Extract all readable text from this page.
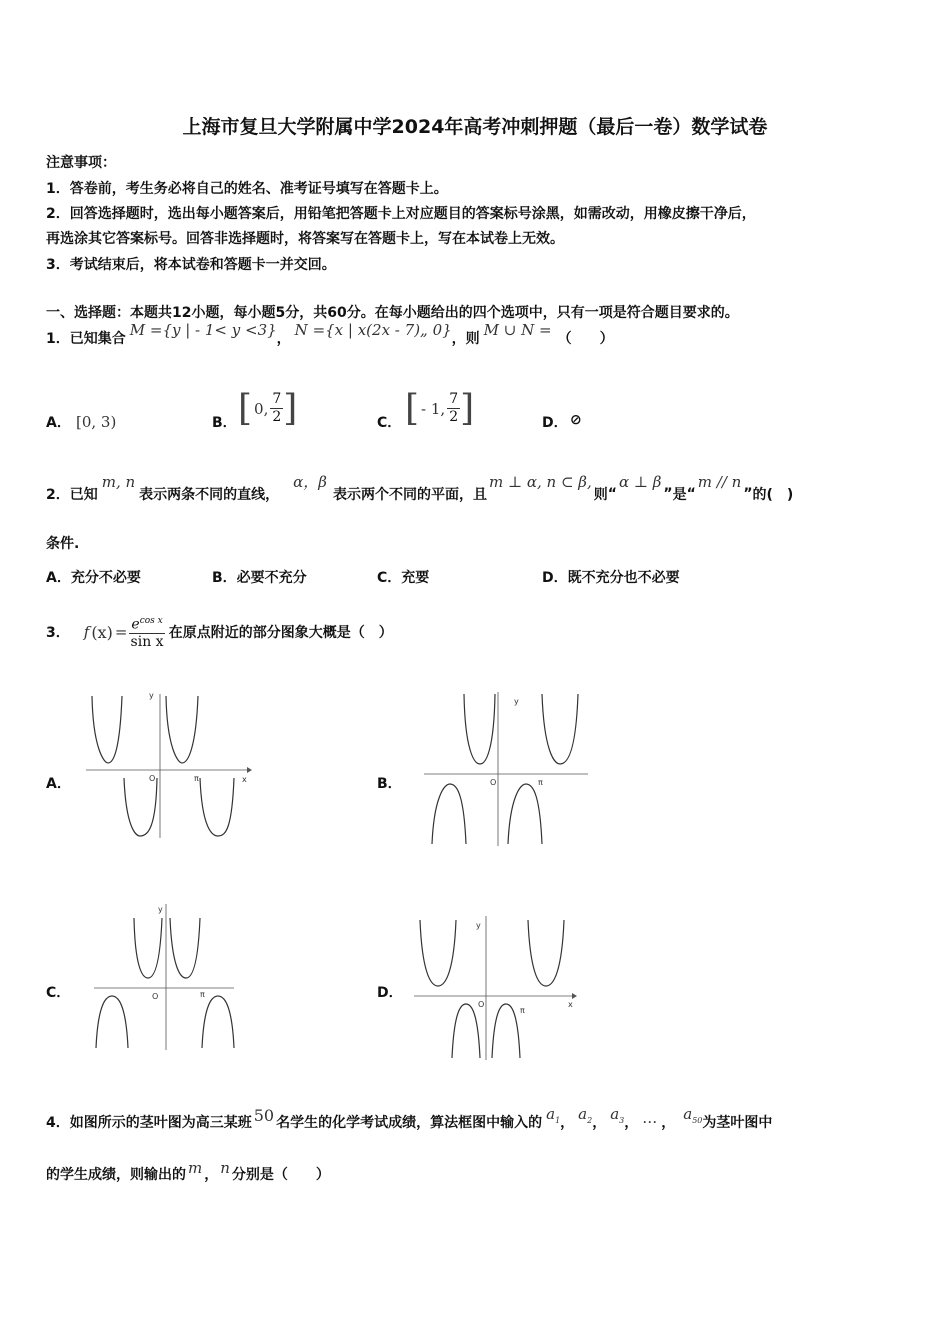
上海市复旦大学附属中学2024年高考冲刺押题（最后一卷）数学试卷
注意事项：
1．答卷前，考生务必将自己的姓名、准考证号填写在答题卡上。
2．回答选择题时，选出每小题答案后，用铅笔把答题卡上对应题目的答案标号涂黑，如需改动，用橡皮擦干净后，
再选涂其它答案标号。回答非选择题时，将答案写在答题卡上，写在本试卷上无效。
3．考试结束后，将本试卷和答题卡一并交回。
一、选择题：本题共12小题，每小题5分，共60分。在每小题给出的四个选项中，只有一项是符合题目要求的。
1．已知集合 M ={y | - 1< y <3} ， N ={x | x(2x - 7)„ 0} ，则 M ∪ N = （　　）
A． [0, 3)	B． [ 0, $\frac{7}{2}$ ]	C． [ - 1, $\frac{7}{2}$ ]	D． ⊘
2．已知
m, n
表示两条不同的直线，
α，β
表示两个不同的平面，且
m ⊥ α, n ⊂ β,
则 “
α ⊥ β
” 是 “
m // n
” 的(　)
条件.
A．充分不必要	B．必要不充分	C．充要	D．既不充分也不必要
3． f $(x) = \frac{e^{cos x}}{\text{sin x}}$ 在原点附近的部分图象大概是（　）
A．	B．
C．	D．
y
x
O	π
y
O	π
y
O	π
y
x
O
π
4．如图所示的茎叶图为高三某班 50 名学生的化学考试成绩，算法框图中输入的 $a_1$ ， $a_2$ ， $a_3$ ， … ， $a_{50}$ 为茎叶图中
的学生成绩，则输出的 m ， n 分别是（　　）
